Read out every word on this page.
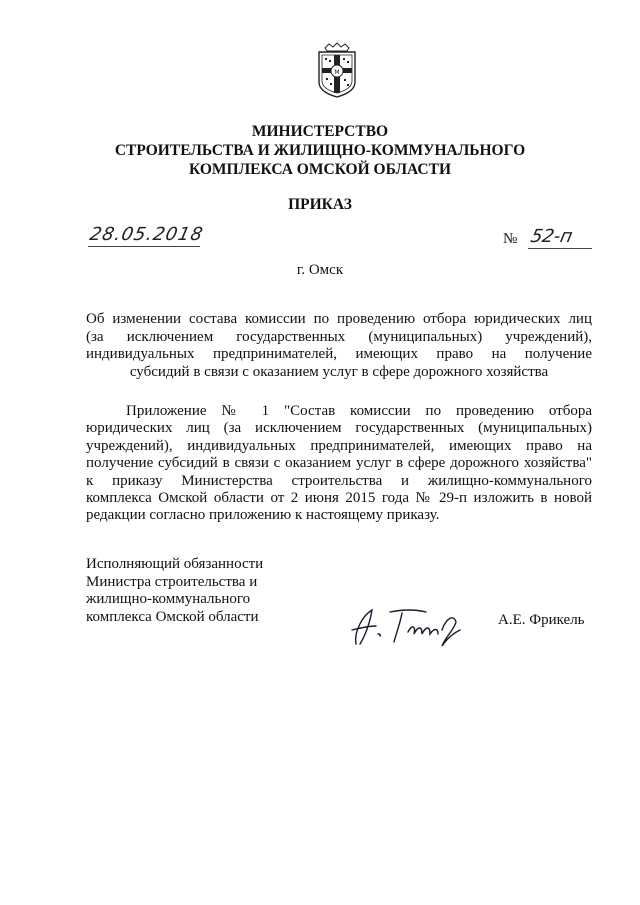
М
МИНИСТЕРСТВО
СТРОИТЕЛЬСТВА И ЖИЛИЩНО-КОММУНАЛЬНОГО
КОМПЛЕКСА ОМСКОЙ ОБЛАСТИ
ПРИКАЗ
28.05.2018	№ 52-п
г. Омск
Об изменении состава комиссии по проведению отбора юридических лиц
(за исключением государственных (муниципальных) учреждений),
индивидуальных предпринимателей, имеющих право на получение
субсидий в связи с оказанием услуг в сфере дорожного хозяйства
Приложение № 1 "Состав комиссии по проведению отбора
юридических лиц (за исключением государственных (муниципальных)
учреждений), индивидуальных предпринимателей, имеющих право на
получение субсидий в связи с оказанием услуг в сфере дорожного хозяйства"
к приказу Министерства строительства и жилищно-коммунального
комплекса Омской области от 2 июня 2015 года № 29-п изложить в новой
редакции согласно приложению к настоящему приказу.
Исполняющий обязанности
Министра строительства и
жилищно-коммунального
комплекса Омской области	А.Е. Фрикель
